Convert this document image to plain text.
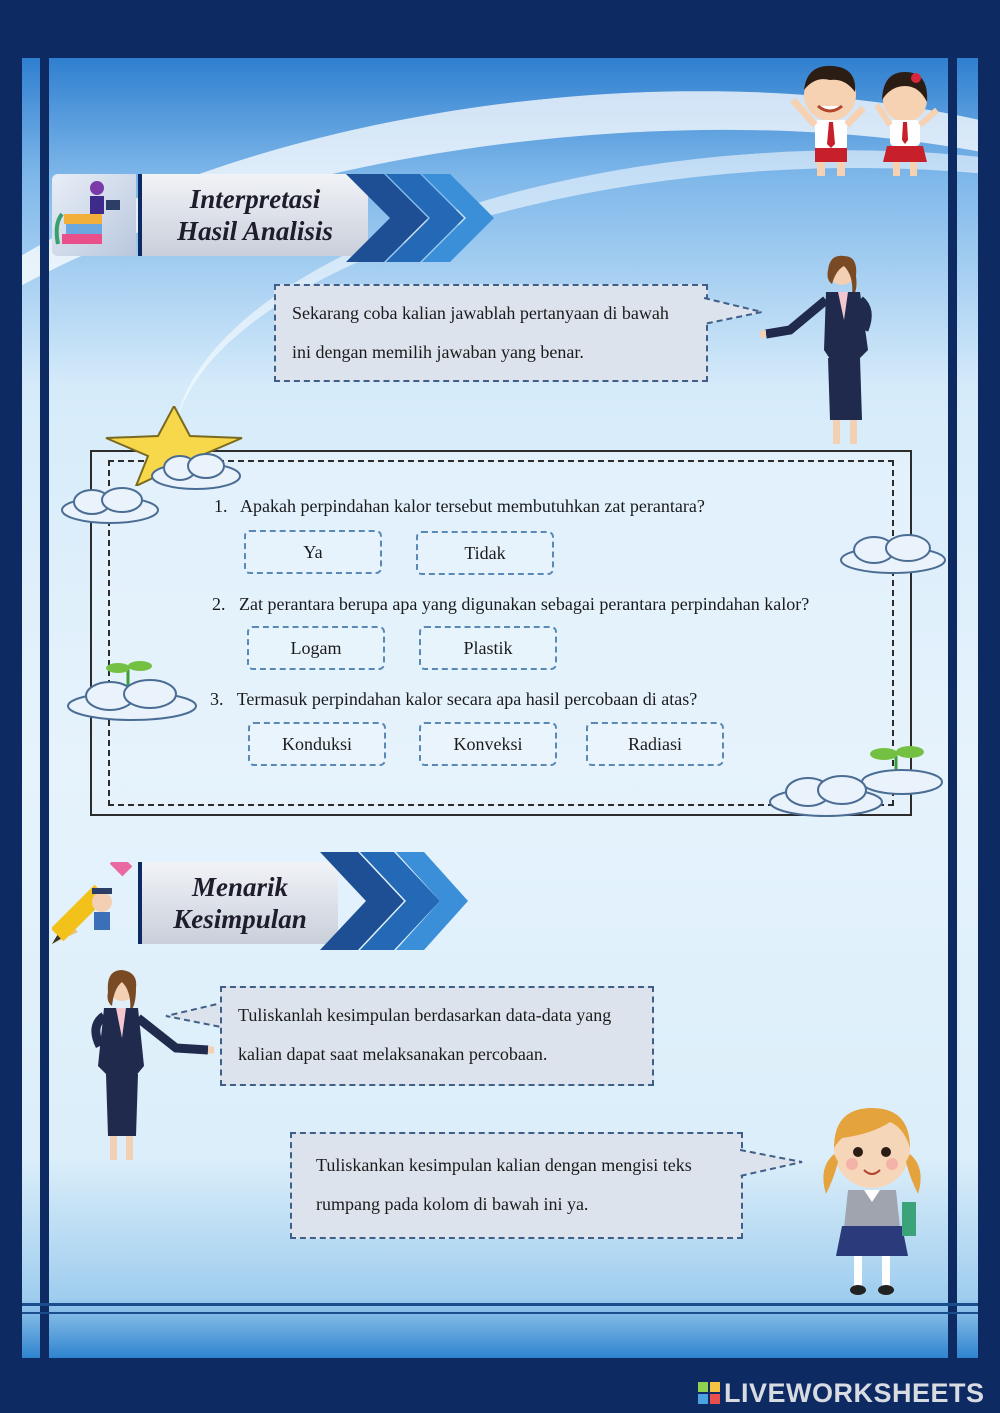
Interpretasi
Hasil Analisis
Sekarang coba kalian jawablah pertanyaan di bawah
ini dengan memilih jawaban yang benar.
1. Apakah perpindahan kalor tersebut membutuhkan zat perantara?
Ya	Tidak
2. Zat perantara berupa apa yang digunakan sebagai perantara perpindahan kalor?
Logam	Plastik
3. Termasuk perpindahan kalor secara apa hasil percobaan di atas?
Konduksi	Konveksi	Radiasi
Menarik
Kesimpulan
Tuliskanlah kesimpulan berdasarkan data-data yang
kalian dapat saat melaksanakan percobaan.
Tuliskankan kesimpulan kalian dengan mengisi teks
rumpang pada kolom di bawah ini ya.
LIVEWORKSHEETS
